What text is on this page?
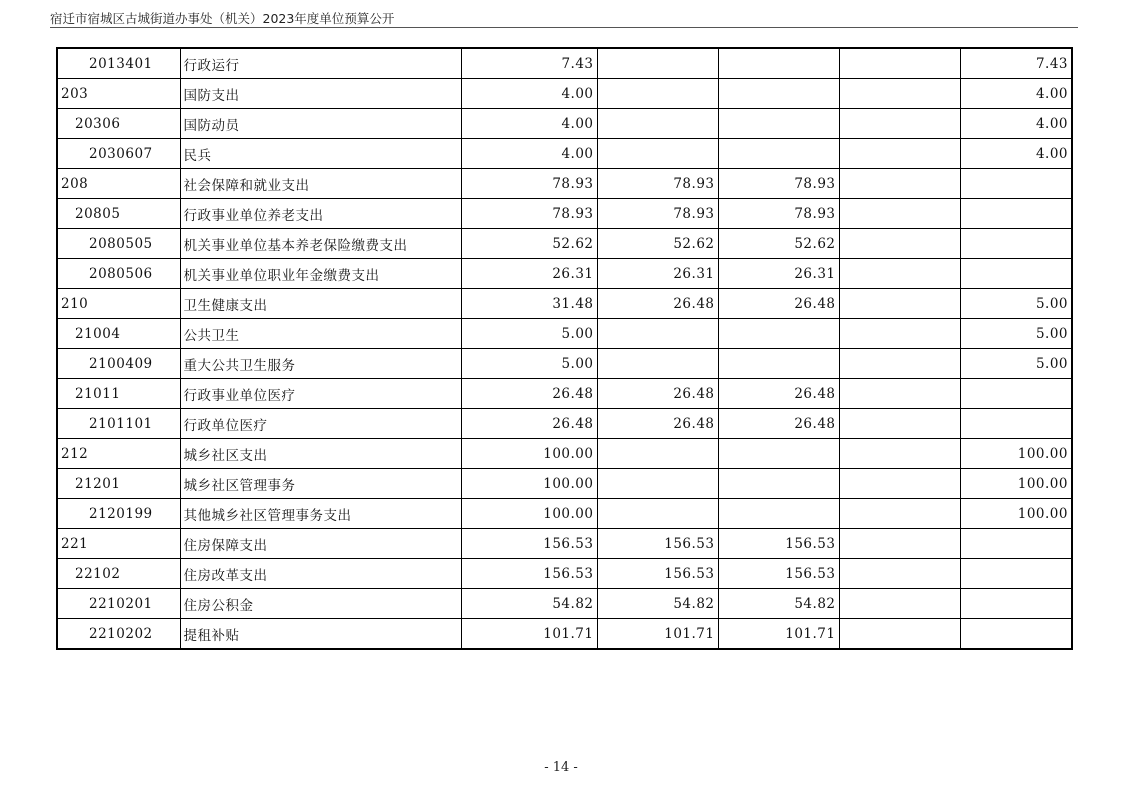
宿迁市宿城区古城街道办事处（机关）2023年度单位预算公开
2013401	行政运行	7.43				7.43
203	国防支出	4.00				4.00
20306	国防动员	4.00				4.00
2030607	民兵	4.00				4.00
208	社会保障和就业支出	78.93	78.93	78.93		
20805	行政事业单位养老支出	78.93	78.93	78.93		
2080505	机关事业单位基本养老保险缴费支出	52.62	52.62	52.62		
2080506	机关事业单位职业年金缴费支出	26.31	26.31	26.31		
210	卫生健康支出	31.48	26.48	26.48		5.00
21004	公共卫生	5.00				5.00
2100409	重大公共卫生服务	5.00				5.00
21011	行政事业单位医疗	26.48	26.48	26.48		
2101101	行政单位医疗	26.48	26.48	26.48		
212	城乡社区支出	100.00				100.00
21201	城乡社区管理事务	100.00				100.00
2120199	其他城乡社区管理事务支出	100.00				100.00
221	住房保障支出	156.53	156.53	156.53		
22102	住房改革支出	156.53	156.53	156.53		
2210201	住房公积金	54.82	54.82	54.82		
2210202	提租补贴	101.71	101.71	101.71		
- 14 -
